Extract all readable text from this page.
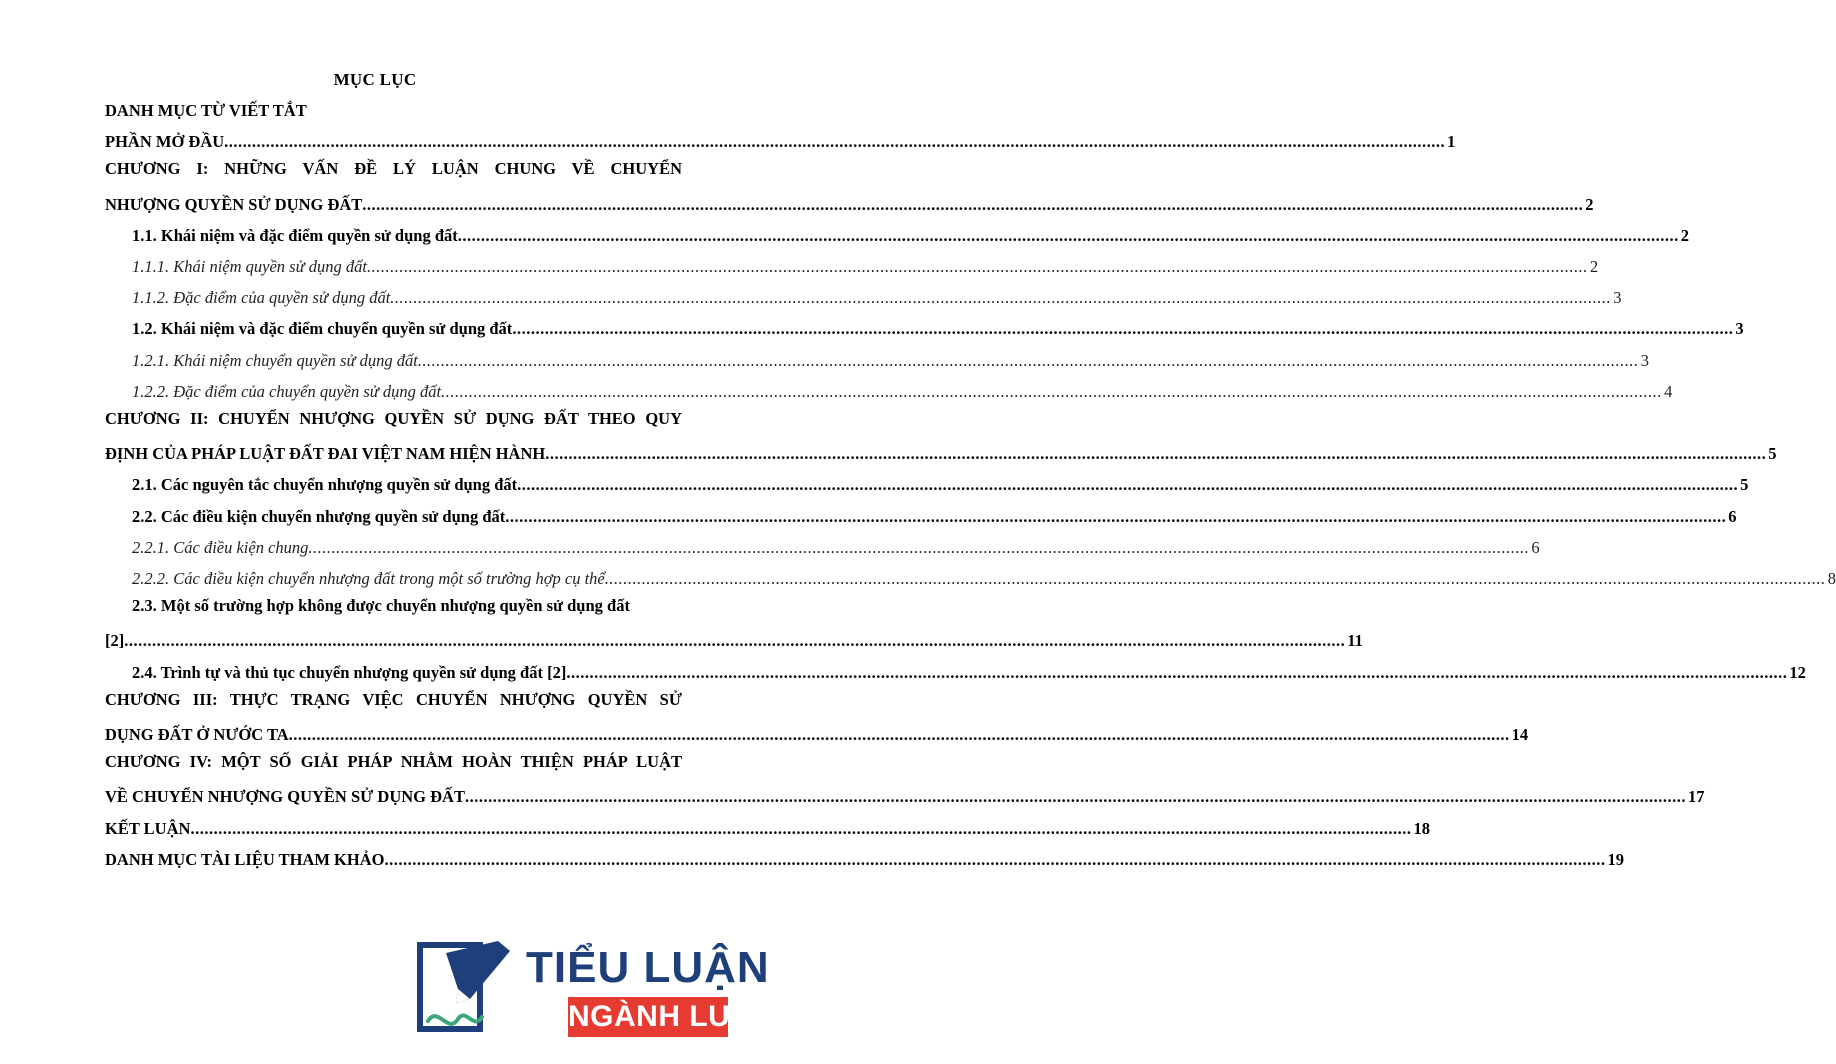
MỤC LỤC
DANH MỤC TỪ VIẾT TẮT
PHẦN MỞ ĐẦU .....	1
CHƯƠNG I: NHỮNG VẤN ĐỀ LÝ LUẬN CHUNG VỀ CHUYỂN
NHƯỢNG QUYỀN SỬ DỤNG ĐẤT .....	2
1.1. Khái niệm và đặc điểm quyền sử dụng đất .....	2
1.1.1. Khái niệm quyền sử dụng đất .....	2
1.1.2. Đặc điểm của quyền sử dụng đất .....	3
1.2. Khái niệm và đặc điểm chuyển quyền sử dụng đất .....	3
1.2.1. Khái niệm chuyển quyền sử dụng đất .....	3
1.2.2. Đặc điểm của chuyển quyền sử dụng đất .....	4
CHƯƠNG II: CHUYỂN NHƯỢNG QUYỀN SỬ DỤNG ĐẤT THEO QUY
ĐỊNH CỦA PHÁP LUẬT ĐẤT ĐAI VIỆT NAM HIỆN HÀNH .....	5
2.1. Các nguyên tắc chuyển nhượng quyền sử dụng đất .....	5
2.2. Các điều kiện chuyển nhượng quyền sử dụng đất .....	6
2.2.1. Các điều kiện chung .....	6
2.2.2. Các điều kiện chuyển nhượng đất trong một số trường hợp cụ thể .....	8
2.3. Một số trường hợp không được chuyển nhượng quyền sử dụng đất
[2] .....	11
2.4. Trình tự và thủ tục chuyển nhượng quyền sử dụng đất [2] .....	12
CHƯƠNG III: THỰC TRẠNG VIỆC CHUYỂN NHƯỢNG QUYỀN SỬ
DỤNG ĐẤT Ở NƯỚC TA .....	14
CHƯƠNG IV: MỘT SỐ GIẢI PHÁP NHẰM HOÀN THIỆN PHÁP LUẬT
VỀ CHUYỂN NHƯỢNG QUYỀN SỬ DỤNG ĐẤT .....	17
KẾT LUẬN .....	18
DANH MỤC TÀI LIỆU THAM KHẢO .....	19
TIỂU LUẬN
NGÀNH LUẬT
